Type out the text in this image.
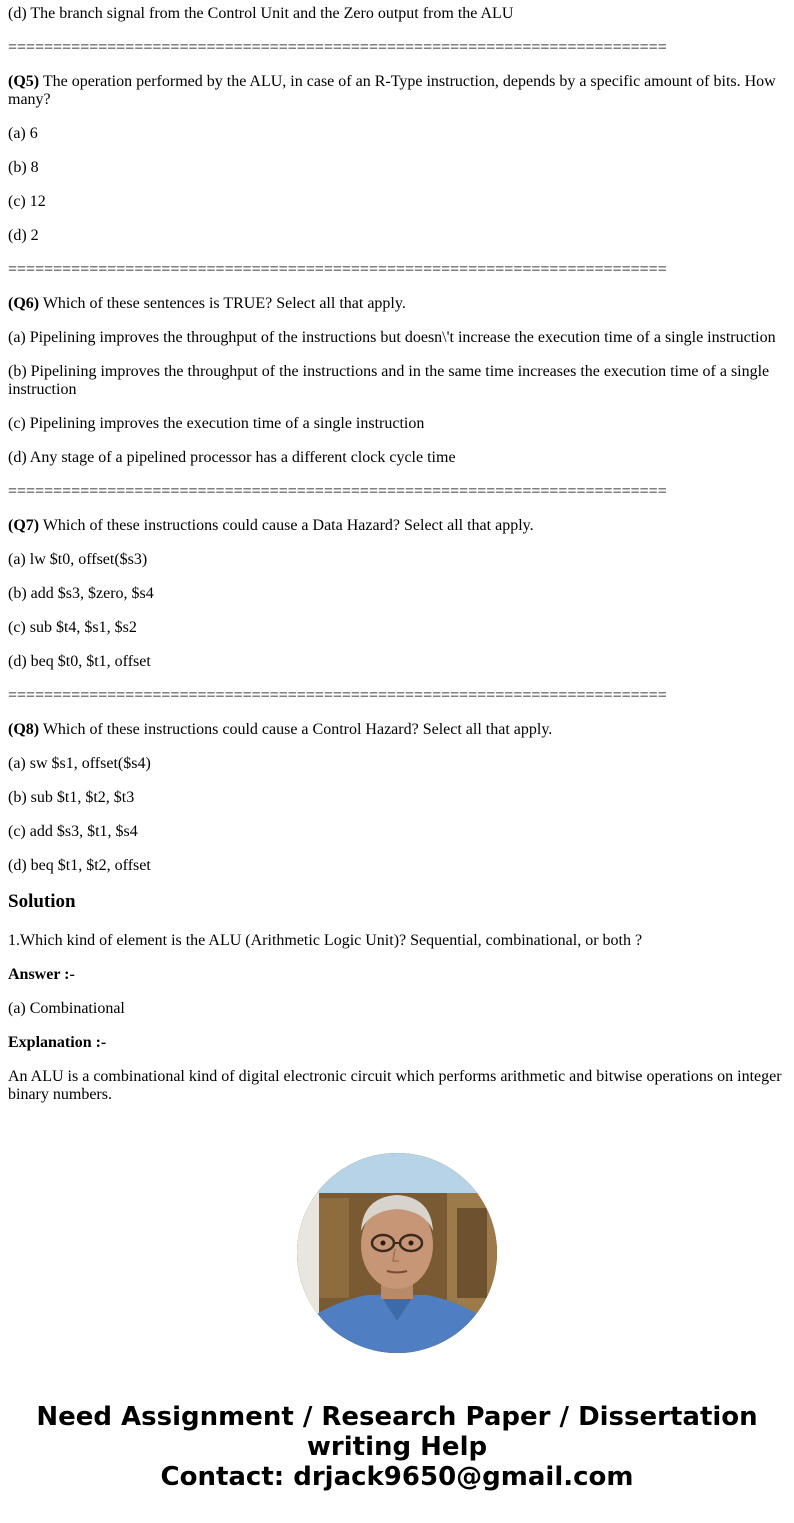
(d) The branch signal from the Control Unit and the Zero output from the ALU

=========================================================================

(Q5) The operation performed by the ALU, in case of an R-Type instruction, depends by a specific amount of bits. How many?

(a) 6

(b) 8

(c) 12

(d) 2

=========================================================================

(Q6) Which of these sentences is TRUE? Select all that apply.

(a) Pipelining improves the throughput of the instructions but doesn\'t increase the execution time of a single instruction

(b) Pipelining improves the throughput of the instructions and in the same time increases the execution time of a single instruction

(c) Pipelining improves the execution time of a single instruction

(d) Any stage of a pipelined processor has a different clock cycle time

=========================================================================

(Q7) Which of these instructions could cause a Data Hazard? Select all that apply.

(a) lw $t0, offset($s3)

(b) add $s3, $zero, $s4

(c) sub $t4, $s1, $s2

(d) beq $t0, $t1, offset

=========================================================================

(Q8) Which of these instructions could cause a Control Hazard? Select all that apply.

(a) sw $s1, offset($s4)

(b) sub $t1, $t2, $t3

(c) add $s3, $t1, $s4

(d) beq $t1, $t2, offset

Solution

1.Which kind of element is the ALU (Arithmetic Logic Unit)? Sequential, combinational, or both ?

Answer :-

(a) Combinational

Explanation :-

An ALU is a combinational kind of digital electronic circuit which performs arithmetic and bitwise operations on integer binary numbers.

Need Assignment / Research Paper / Dissertation
writing Help
Contact: drjack9650@gmail.com
